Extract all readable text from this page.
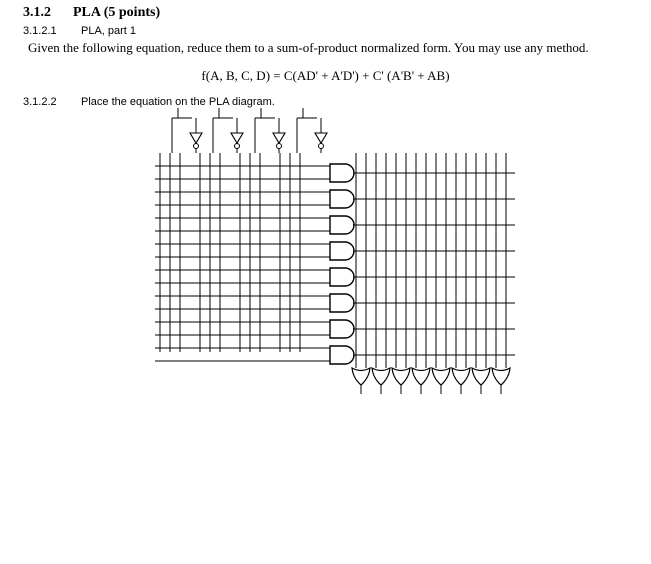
3.1.2 PLA (5 points)
3.1.2.1 PLA, part 1
Given the following equation, reduce them to a sum-of-product normalized form. You may use any method.
f(A, B, C, D) = C(AD' + A'D') + C' (A'B' + AB)
3.1.2.2 Place the equation on the PLA diagram.
